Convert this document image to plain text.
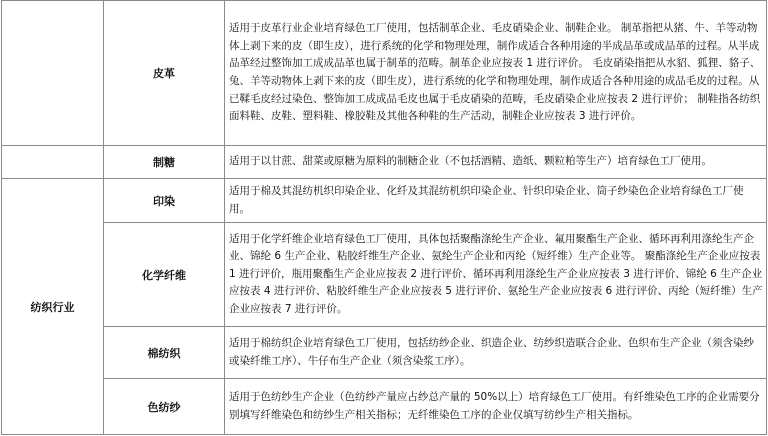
	皮革	适用于皮革行业企业培育绿色工厂使用，包括制革企业、毛皮硝染企业、制鞋企业。 制革指把从猪、牛、羊等动物体上剥下来的皮（即生皮），进行系统的化学和物理处理，制作成适合各种用途的半成品革或成品革的过程。从半成品革经过整饰加工成成品革也属于制革的范畴。制革企业应按表 1 进行评价。 毛皮硝染指把从水貂、狐狸、貉子、兔、羊等动物体上剥下来的皮（即生皮），进行系统的化学和物理处理，制作成适合各种用途的成品毛皮的过程。从已鞣毛皮经过染色、整饰加工成成品毛皮也属于毛皮硝染的范畴，毛皮硝染企业应按表 2 进行评价； 制鞋指各纺织面料鞋、皮鞋、塑料鞋、橡胶鞋及其他各种鞋的生产活动，制鞋企业应按表 3 进行评价。
	制糖	适用于以甘蔗、甜菜或原糖为原料的制糖企业（不包括酒精、造纸、颗粒粕等生产）培育绿色工厂使用。
纺织行业	印染	适用于棉及其混纺机织印染企业、化纤及其混纺机织印染企业、针织印染企业、筒子纱染色企业培育绿色工厂使用。
	化学纤维	适用于化学纤维企业培育绿色工厂使用，具体包括聚酯涤纶生产企业、氟用聚酯生产企业、循环再利用涤纶生产企业、锦纶 6 生产企业、粘胶纤维生产企业、氨纶生产企业和丙纶（短纤维）生产企业等。 聚酯涤纶生产企业应按表 1 进行评价，瓶用聚酯生产企业应按表 2 进行评价、循环再利用涤纶生产企业应按表 3 进行评价、锦纶 6 生产企业应按表 4 进行评价、粘胶纤维生产企业应按表 5 进行评价、氨纶生产企业应按表 6 进行评价、丙纶（短纤维）生产企业应按表 7 进行评价。
	棉纺织	适用于棉纺织企业培育绿色工厂使用，包括纺纱企业、织造企业、纺纱织造联合企业、色织布生产企业（须含染纱或染纤维工序）、牛仔布生产企业（须含染浆工序）。
	色纺纱	适用于色纺纱生产企业（色纺纱产量应占纱总产量的 50%以上）培育绿色工厂使用。有纤维染色工序的企业需要分别填写纤维染色和纺纱生产相关指标；无纤维染色工序的企业仅填写纺纱生产相关指标。
